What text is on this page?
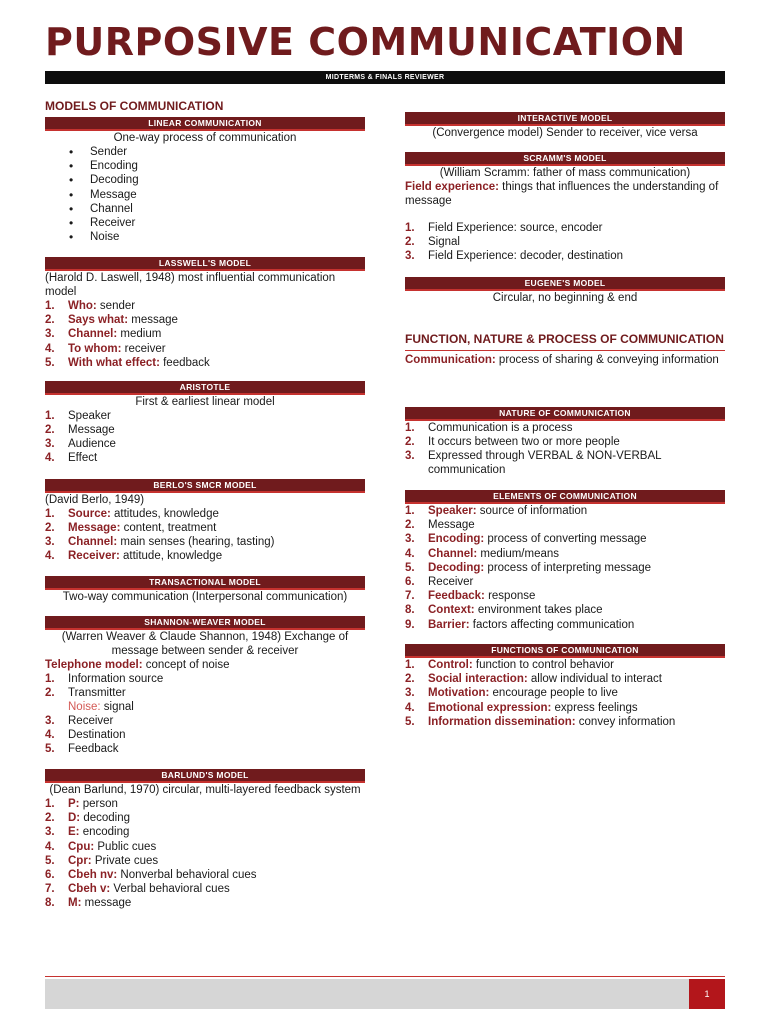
PURPOSIVE COMMUNICATION
MIDTERMS & FINALS REVIEWER
MODELS OF COMMUNICATION
LINEAR COMMUNICATION
One-way process of communication
• Sender
• Encoding
• Decoding
• Message
• Channel
• Receiver
• Noise
LASSWELL'S MODEL
(Harold D. Laswell, 1948) most influential communication model
1. Who: sender
2. Says what: message
3. Channel: medium
4. To whom: receiver
5. With what effect: feedback
ARISTOTLE
First & earliest linear model
1. Speaker
2. Message
3. Audience
4. Effect
BERLO'S SMCR MODEL
(David Berlo, 1949)
1. Source: attitudes, knowledge
2. Message: content, treatment
3. Channel: main senses (hearing, tasting)
4. Receiver: attitude, knowledge
TRANSACTIONAL MODEL
Two-way communication (Interpersonal communication)
SHANNON-WEAVER MODEL
(Warren Weaver & Claude Shannon, 1948) Exchange of message between sender & receiver
Telephone model: concept of noise
1. Information source
2. Transmitter
Noise: signal
3. Receiver
4. Destination
5. Feedback
BARLUND'S MODEL
(Dean Barlund, 1970) circular, multi-layered feedback system
1. P: person
2. D: decoding
3. E: encoding
4. Cpu: Public cues
5. Cpr: Private cues
6. Cbeh nv: Nonverbal behavioral cues
7. Cbeh v: Verbal behavioral cues
8. M: message
INTERACTIVE MODEL
(Convergence model) Sender to receiver, vice versa
SCRAMM'S MODEL
(William Scramm: father of mass communication)
Field experience: things that influences the understanding of message
1. Field Experience: source, encoder
2. Signal
3. Field Experience: decoder, destination
EUGENE'S MODEL
Circular, no beginning & end
FUNCTION, NATURE & PROCESS OF COMMUNICATION
Communication: process of sharing & conveying information
NATURE OF COMMUNICATION
1. Communication is a process
2. It occurs between two or more people
3. Expressed through VERBAL & NON-VERBAL communication
ELEMENTS OF COMMUNICATION
1. Speaker: source of information
2. Message
3. Encoding: process of converting message
4. Channel: medium/means
5. Decoding: process of interpreting message
6. Receiver
7. Feedback: response
8. Context: environment takes place
9. Barrier: factors affecting communication
FUNCTIONS OF COMMUNICATION
1. Control: function to control behavior
2. Social interaction: allow individual to interact
3. Motivation: encourage people to live
4. Emotional expression: express feelings
5. Information dissemination: convey information
1
